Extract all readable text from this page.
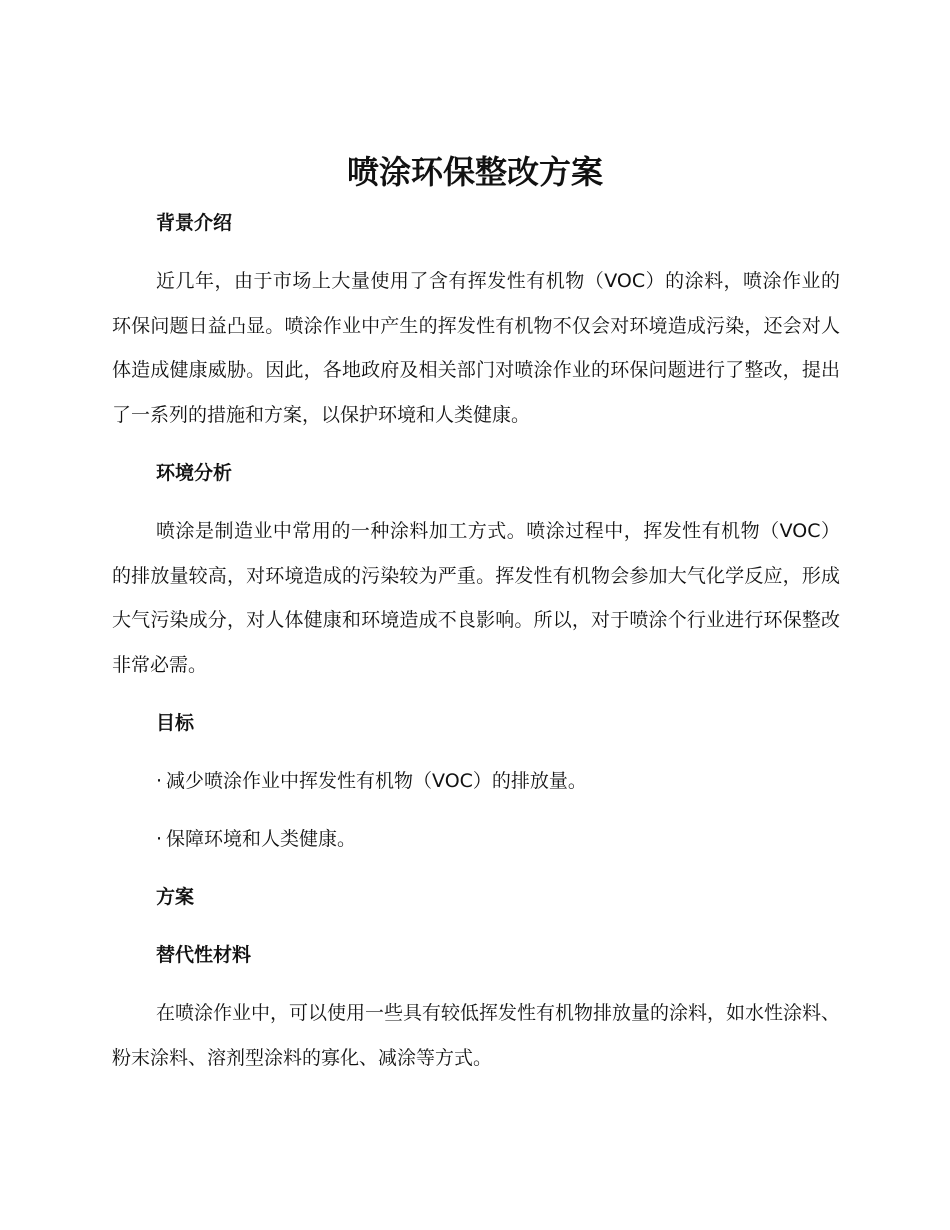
喷涂环保整改方案
背景介绍
近几年，由于市场上大量使用了含有挥发性有机物（VOC）的涂料，喷涂作业的环保问题日益凸显。喷涂作业中产生的挥发性有机物不仅会对环境造成污染，还会对人体造成健康威胁。因此，各地政府及相关部门对喷涂作业的环保问题进行了整改，提出了一系列的措施和方案，以保护环境和人类健康。
环境分析
喷涂是制造业中常用的一种涂料加工方式。喷涂过程中，挥发性有机物（VOC）的排放量较高，对环境造成的污染较为严重。挥发性有机物会参加大气化学反应，形成大气污染成分，对人体健康和环境造成不良影响。所以，对于喷涂个行业进行环保整改非常必需。
目标
· 减少喷涂作业中挥发性有机物（VOC）的排放量。
· 保障环境和人类健康。
方案
替代性材料
在喷涂作业中，可以使用一些具有较低挥发性有机物排放量的涂料，如水性涂料、粉末涂料、溶剂型涂料的寡化、减涂等方式。
